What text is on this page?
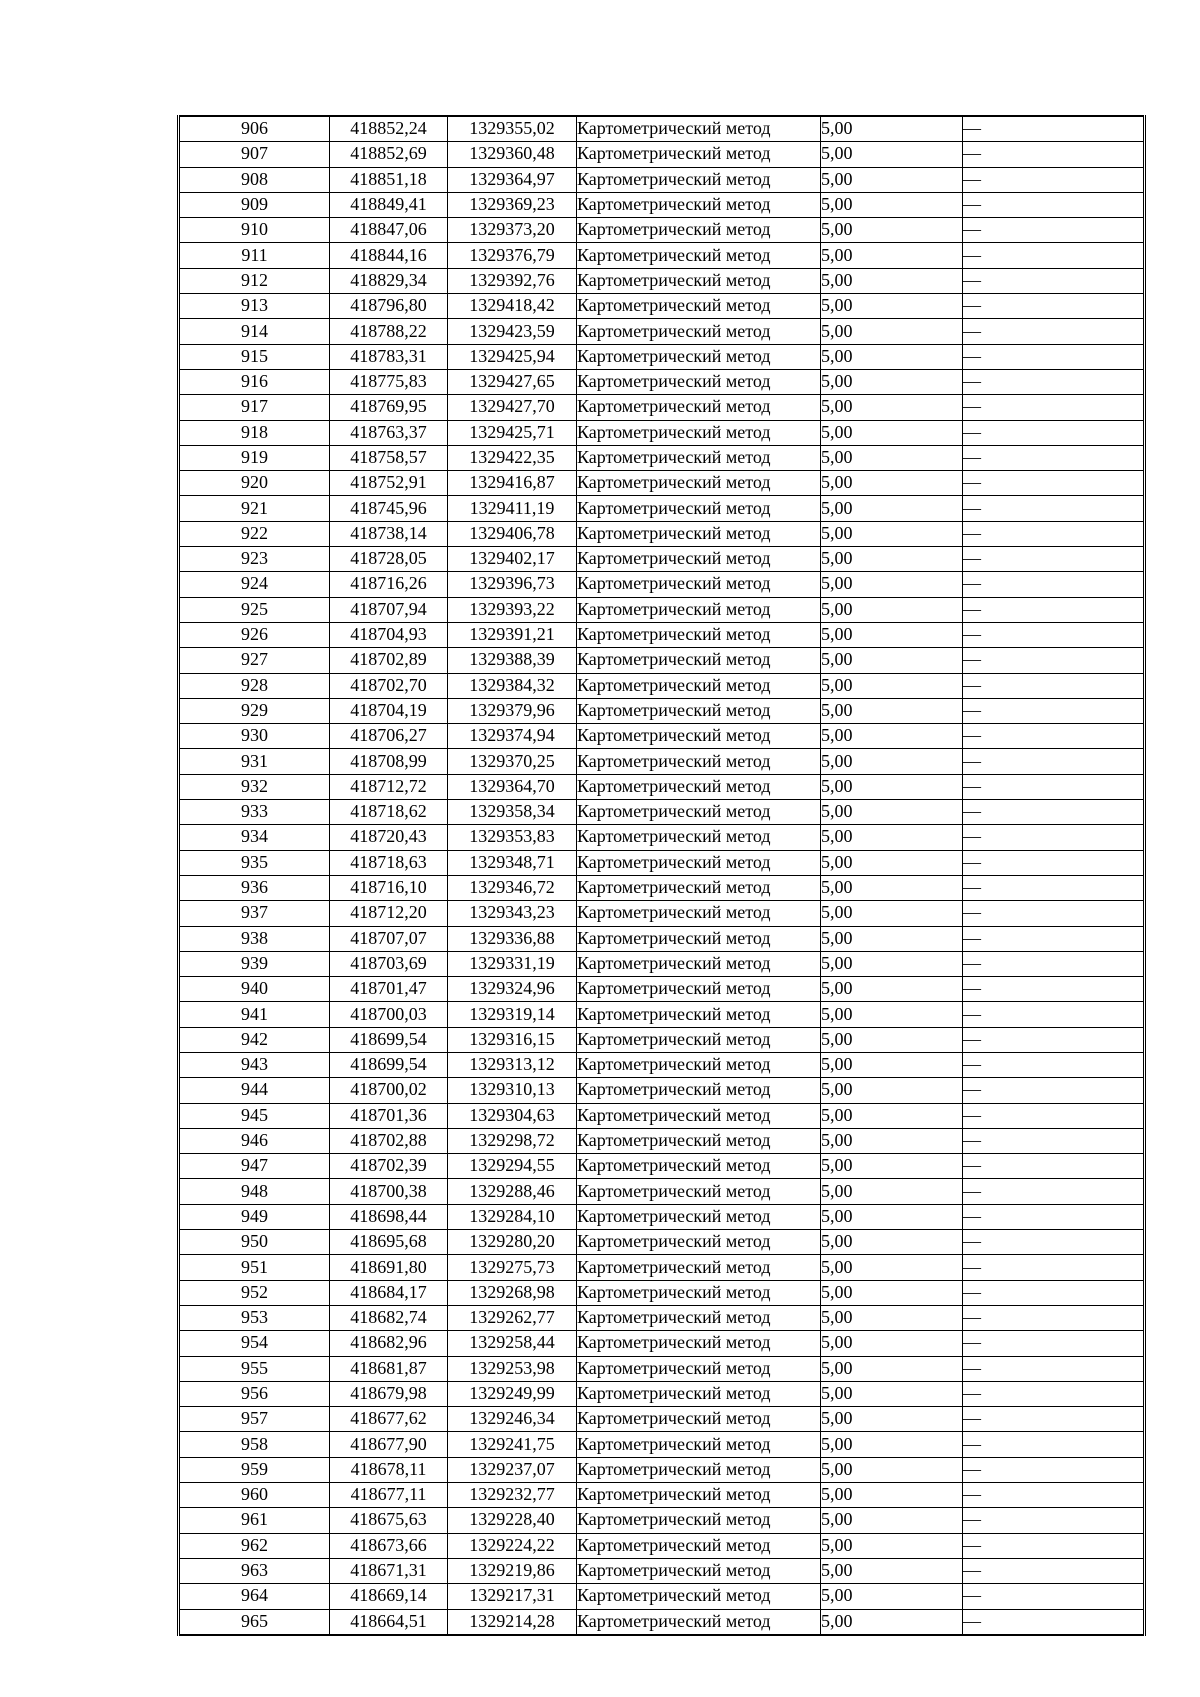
906	418852,24	1329355,02	Картометрический метод	5,00	—
907	418852,69	1329360,48	Картометрический метод	5,00	—
908	418851,18	1329364,97	Картометрический метод	5,00	—
909	418849,41	1329369,23	Картометрический метод	5,00	—
910	418847,06	1329373,20	Картометрический метод	5,00	—
911	418844,16	1329376,79	Картометрический метод	5,00	—
912	418829,34	1329392,76	Картометрический метод	5,00	—
913	418796,80	1329418,42	Картометрический метод	5,00	—
914	418788,22	1329423,59	Картометрический метод	5,00	—
915	418783,31	1329425,94	Картометрический метод	5,00	—
916	418775,83	1329427,65	Картометрический метод	5,00	—
917	418769,95	1329427,70	Картометрический метод	5,00	—
918	418763,37	1329425,71	Картометрический метод	5,00	—
919	418758,57	1329422,35	Картометрический метод	5,00	—
920	418752,91	1329416,87	Картометрический метод	5,00	—
921	418745,96	1329411,19	Картометрический метод	5,00	—
922	418738,14	1329406,78	Картометрический метод	5,00	—
923	418728,05	1329402,17	Картометрический метод	5,00	—
924	418716,26	1329396,73	Картометрический метод	5,00	—
925	418707,94	1329393,22	Картометрический метод	5,00	—
926	418704,93	1329391,21	Картометрический метод	5,00	—
927	418702,89	1329388,39	Картометрический метод	5,00	—
928	418702,70	1329384,32	Картометрический метод	5,00	—
929	418704,19	1329379,96	Картометрический метод	5,00	—
930	418706,27	1329374,94	Картометрический метод	5,00	—
931	418708,99	1329370,25	Картометрический метод	5,00	—
932	418712,72	1329364,70	Картометрический метод	5,00	—
933	418718,62	1329358,34	Картометрический метод	5,00	—
934	418720,43	1329353,83	Картометрический метод	5,00	—
935	418718,63	1329348,71	Картометрический метод	5,00	—
936	418716,10	1329346,72	Картометрический метод	5,00	—
937	418712,20	1329343,23	Картометрический метод	5,00	—
938	418707,07	1329336,88	Картометрический метод	5,00	—
939	418703,69	1329331,19	Картометрический метод	5,00	—
940	418701,47	1329324,96	Картометрический метод	5,00	—
941	418700,03	1329319,14	Картометрический метод	5,00	—
942	418699,54	1329316,15	Картометрический метод	5,00	—
943	418699,54	1329313,12	Картометрический метод	5,00	—
944	418700,02	1329310,13	Картометрический метод	5,00	—
945	418701,36	1329304,63	Картометрический метод	5,00	—
946	418702,88	1329298,72	Картометрический метод	5,00	—
947	418702,39	1329294,55	Картометрический метод	5,00	—
948	418700,38	1329288,46	Картометрический метод	5,00	—
949	418698,44	1329284,10	Картометрический метод	5,00	—
950	418695,68	1329280,20	Картометрический метод	5,00	—
951	418691,80	1329275,73	Картометрический метод	5,00	—
952	418684,17	1329268,98	Картометрический метод	5,00	—
953	418682,74	1329262,77	Картометрический метод	5,00	—
954	418682,96	1329258,44	Картометрический метод	5,00	—
955	418681,87	1329253,98	Картометрический метод	5,00	—
956	418679,98	1329249,99	Картометрический метод	5,00	—
957	418677,62	1329246,34	Картометрический метод	5,00	—
958	418677,90	1329241,75	Картометрический метод	5,00	—
959	418678,11	1329237,07	Картометрический метод	5,00	—
960	418677,11	1329232,77	Картометрический метод	5,00	—
961	418675,63	1329228,40	Картометрический метод	5,00	—
962	418673,66	1329224,22	Картометрический метод	5,00	—
963	418671,31	1329219,86	Картометрический метод	5,00	—
964	418669,14	1329217,31	Картометрический метод	5,00	—
965	418664,51	1329214,28	Картометрический метод	5,00	—
